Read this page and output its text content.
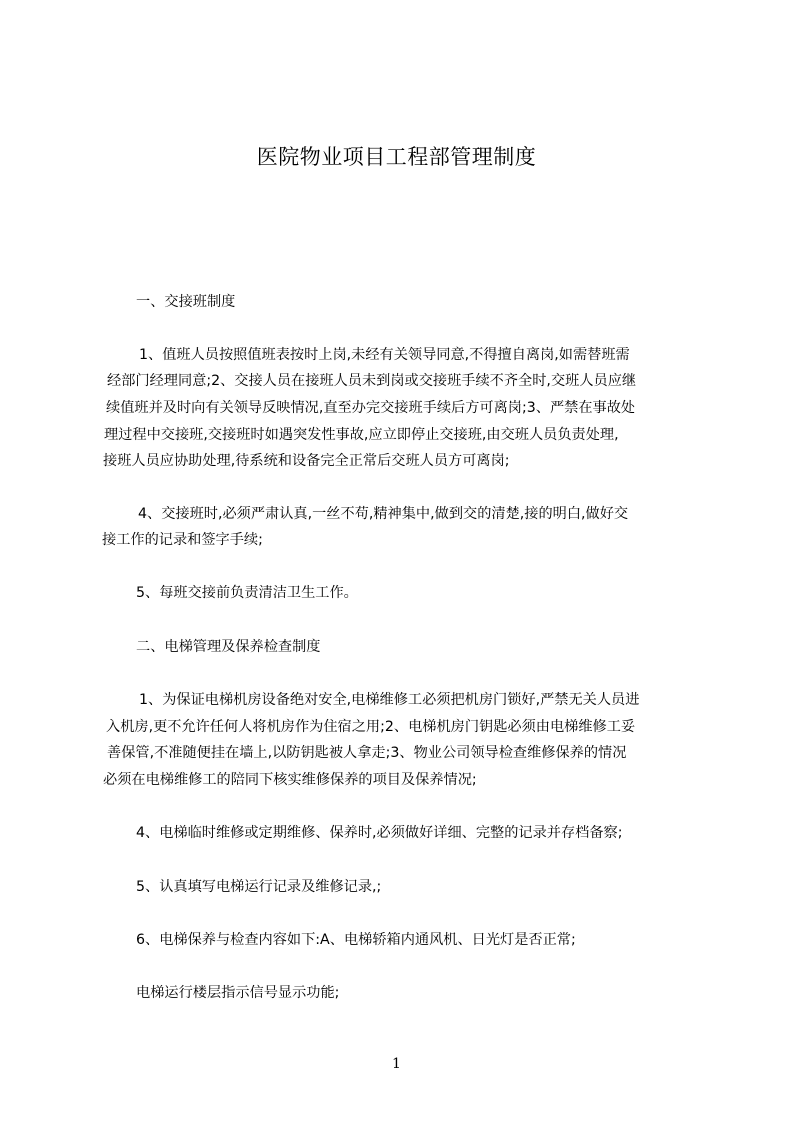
医院物业项目工程部管理制度
一、交接班制度
1、值班人员按照值班表按时上岗,未经有关领导同意,不得擅自离岗,如需替班需
经部门经理同意;2、交接人员在接班人员未到岗或交接班手续不齐全时,交班人员应继
续值班并及时向有关领导反映情况,直至办完交接班手续后方可离岗;3、严禁在事故处
理过程中交接班,交接班时如遇突发性事故,应立即停止交接班,由交班人员负责处理,
接班人员应协助处理,待系统和设备完全正常后交班人员方可离岗;
4、交接班时,必须严肃认真,一丝不苟,精神集中,做到交的清楚,接的明白,做好交
接工作的记录和签字手续;
5、每班交接前负责清洁卫生工作。
二、电梯管理及保养检查制度
1、为保证电梯机房设备绝对安全,电梯维修工必须把机房门锁好,严禁无关人员进
入机房,更不允许任何人将机房作为住宿之用;2、电梯机房门钥匙必须由电梯维修工妥
善保管,不准随便挂在墙上,以防钥匙被人拿走;3、物业公司领导检查维修保养的情况
必须在电梯维修工的陪同下核实维修保养的项目及保养情况;
4、电梯临时维修或定期维修、保养时,必须做好详细、完整的记录并存档备察;
5、认真填写电梯运行记录及维修记录,;
6、电梯保养与检查内容如下:A、电梯轿箱内通风机、日光灯是否正常;
电梯运行楼层指示信号显示功能;
1
